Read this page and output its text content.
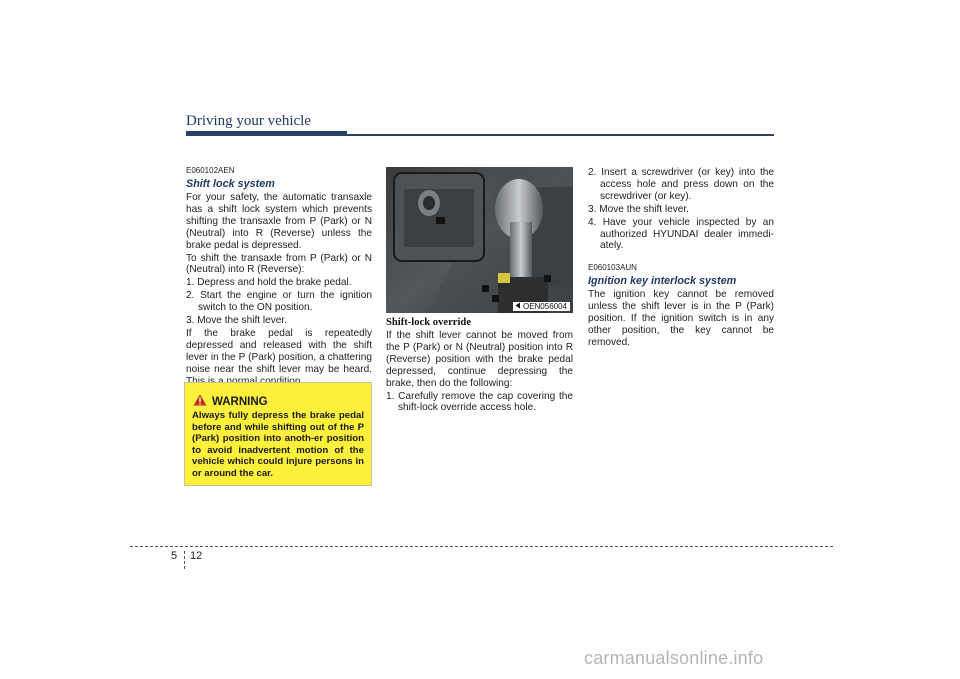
Driving your vehicle

E060102AEN

Shift lock system

For your safety, the automatic transaxle has a shift lock system which prevents shifting the transaxle from P (Park) or N (Neutral) into R (Reverse) unless the brake pedal is depressed.

To shift the transaxle from P (Park) or N (Neutral) into R (Reverse):

1. Depress and hold the brake pedal.

2. Start the engine or turn the ignition switch to the ON position.

3. Move the shift lever.

If the brake pedal is repeatedly depressed and released with the shift lever in the P (Park) position, a chattering noise near the shift lever may be heard.

WARNING
Always fully depress the brake pedal before and while shifting out of the P (Park) position into anoth-er position to avoid inadvertent motion of the vehicle which could injure persons in or around the car.
OEN056004

Shift-lock override

If the shift lever cannot be moved from the P (Park) or N (Neutral) position into R (Reverse) position with the brake pedal depressed, continue depressing the brake, then do the following:

1. Carefully remove the cap covering the shift-lock override access hole.

2. Insert a screwdriver (or key) into the access hole and press down on the screwdriver (or key).

3. Move the shift lever.

4. Have your vehicle inspected by an authorized HYUNDAI dealer immedi-ately.

E060103AUN

Ignition key interlock system

The ignition key cannot be removed unless the shift lever is in the P (Park) position. If the ignition switch is in any other position, the key cannot be removed.

5 12
carmanualsonline.info
